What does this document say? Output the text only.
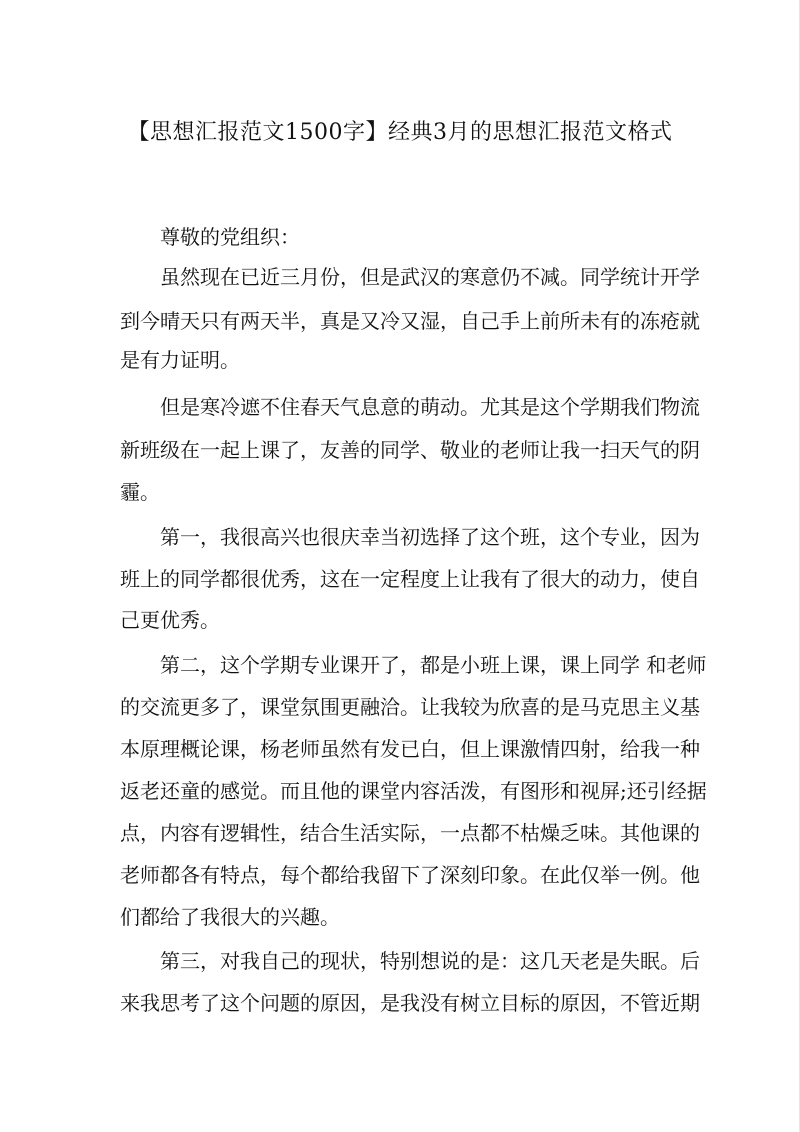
【思想汇报范文1500字】经典3月的思想汇报范文格式
尊敬的党组织：
虽然现在已近三月份，但是武汉的寒意仍不减。同学统计开学
到今晴天只有两天半，真是又冷又湿，自己手上前所未有的冻疮就
是有力证明。
但是寒冷遮不住春天气息意的萌动。尤其是这个学期我们物流
新班级在一起上课了，友善的同学、敬业的老师让我一扫天气的阴
霾。
第一，我很高兴也很庆幸当初选择了这个班，这个专业，因为
班上的同学都很优秀，这在一定程度上让我有了很大的动力，使自
己更优秀。
第二，这个学期专业课开了，都是小班上课，课上同学 和老师
的交流更多了，课堂氛围更融洽。让我较为欣喜的是马克思主义基
本原理概论课，杨老师虽然有发已白，但上课激情四射，给我一种
返老还童的感觉。而且他的课堂内容活泼，有图形和视屏;还引经据
点，内容有逻辑性，结合生活实际，一点都不枯燥乏味。其他课的
老师都各有特点，每个都给我留下了深刻印象。在此仅举一例。他
们都给了我很大的兴趣。
第三，对我自己的现状，特别想说的是：这几天老是失眠。后
来我思考了这个问题的原因，是我没有树立目标的原因，不管近期
